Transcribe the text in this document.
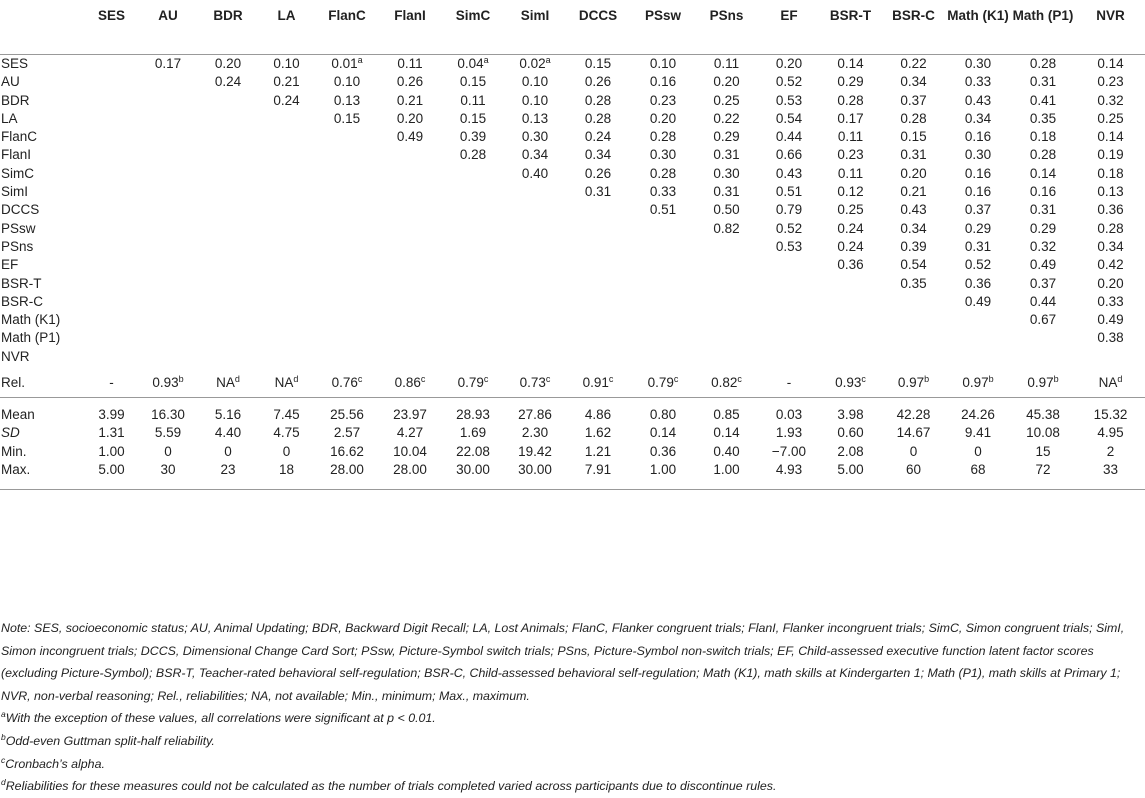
	SES	AU	BDR	LA	FlanC	FlanI	SimC	SimI	DCCS	PSsw	PSns	EF	BSR-T	BSR-C	Math (K1)	Math (P1)	NVR
SES		0.17	0.20	0.10	0.01$^a$	0.11	0.04$^a$	0.02$^a$	0.15	0.10	0.11	0.20	0.14	0.22	0.30	0.28	0.14
AU			0.24	0.21	0.10	0.26	0.15	0.10	0.26	0.16	0.20	0.52	0.29	0.34	0.33	0.31	0.23
BDR				0.24	0.13	0.21	0.11	0.10	0.28	0.23	0.25	0.53	0.28	0.37	0.43	0.41	0.32
LA					0.15	0.20	0.15	0.13	0.28	0.20	0.22	0.54	0.17	0.28	0.34	0.35	0.25
FlanC						0.49	0.39	0.30	0.24	0.28	0.29	0.44	0.11	0.15	0.16	0.18	0.14
FlanI							0.28	0.34	0.34	0.30	0.31	0.66	0.23	0.31	0.30	0.28	0.19
SimC								0.40	0.26	0.28	0.30	0.43	0.11	0.20	0.16	0.14	0.18
SimI									0.31	0.33	0.31	0.51	0.12	0.21	0.16	0.16	0.13
DCCS										0.51	0.50	0.79	0.25	0.43	0.37	0.31	0.36
PSsw											0.82	0.52	0.24	0.34	0.29	0.29	0.28
PSns												0.53	0.24	0.39	0.31	0.32	0.34
EF													0.36	0.54	0.52	0.49	0.42
BSR-T														0.35	0.36	0.37	0.20
BSR-C															0.49	0.44	0.33
Math (K1)																0.67	0.49
Math (P1)																	0.38
NVR																	
Rel.	-	0.93$^b$	$NA^d$	$NA^d$	0.76$^c$	0.86$^c$	0.79$^c$	0.73$^c$	0.91$^c$	0.79$^c$	0.82$^c$	-	0.93$^c$	0.97$^b$	0.97$^b$	0.97$^b$	$NA^d$
Mean	3.99	16.30	5.16	7.45	25.56	23.97	28.93	27.86	4.86	0.80	0.85	0.03	3.98	42.28	24.26	45.38	15.32
SD	1.31	5.59	4.40	4.75	2.57	4.27	1.69	2.30	1.62	0.14	0.14	1.93	0.60	14.67	9.41	10.08	4.95
Min.	1.00	0	0	0	16.62	10.04	22.08	19.42	1.21	0.36	0.40	−7.00	2.08	0	0	15	2
Max.	5.00	30	23	18	28.00	28.00	30.00	30.00	7.91	1.00	1.00	4.93	5.00	60	68	72	33

Note: SES, socioeconomic status; AU, Animal Updating; BDR, Backward Digit Recall; LA, Lost Animals; FlanC, Flanker congruent trials; FlanI, Flanker incongruent trials; SimC, Simon congruent trials; SimI, Simon incongruent trials; DCCS, Dimensional Change Card Sort; PSsw, Picture-Symbol switch trials; PSns, Picture-Symbol non-switch trials; EF, Child-assessed executive function latent factor scores (excluding Picture-Symbol); BSR-T, Teacher-rated behavioral self-regulation; BSR-C, Child-assessed behavioral self-regulation; Math (K1), math skills at Kindergarten 1; Math (P1), math skills at Primary 1; NVR, non-verbal reasoning; Rel., reliabilities; NA, not available; Min., minimum; Max., maximum.

$^a$With the exception of these values, all correlations were significant at p < 0.01.

$^b$Odd-even Guttman split-half reliability.

$^c$Cronbach’s alpha.

$^d$Reliabilities for these measures could not be calculated as the number of trials completed varied across participants due to discontinue rules.
